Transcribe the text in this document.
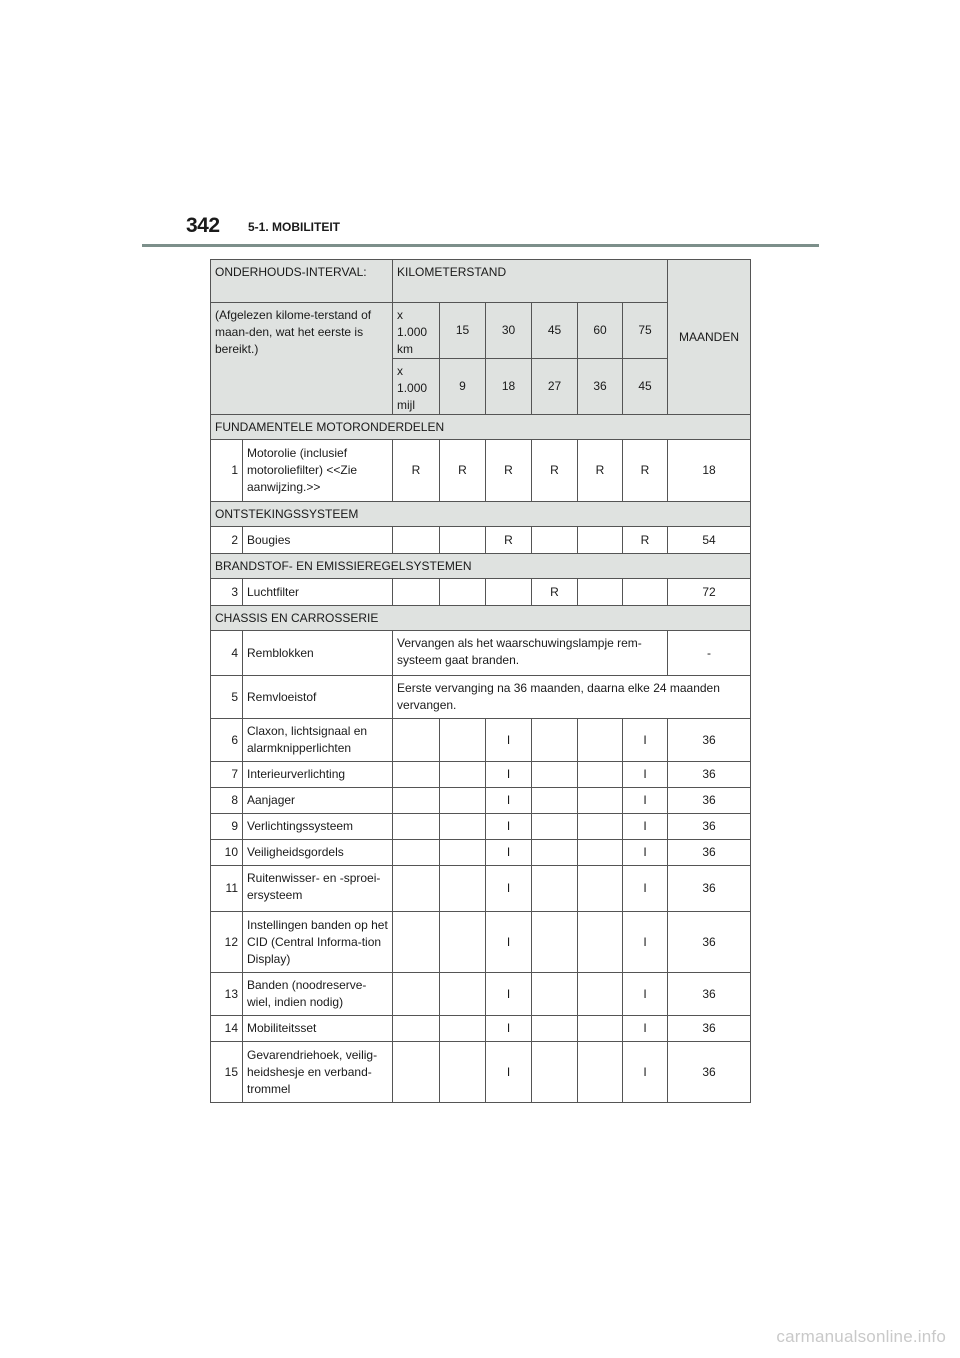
342 5-1. MOBILITEIT
ONDERHOUDS-INTERVAL:		KILOMETERSTAND						MAANDEN	
(Afgelezen kilome-terstand of maan-den, wat het eerste is bereikt.)		x 1.000 km	15	30	45	60	75	
		x 1.000 mijl	9	18	27	36	45	
FUNDAMENTELE MOTORONDERDELEN									
1	Motorolie (inclusief motoroliefilter) <<Zie aanwijzing.>>	R	R	R	R	R	R	18	
ONTSTEKINGSSYSTEEM									
2	Bougies			R			R	54	
BRANDSTOF- EN EMISSIEREGELSYSTEMEN									
3	Luchtfilter				R			72	
CHASSIS EN CARROSSERIE									
4	Remblokken	Vervangen als het waarschuwingslampje rem-systeem gaat branden.						-	
5	Remvloeistof	Eerste vervanging na 36 maanden, daarna elke 24 maanden vervangen.							
6	Claxon, lichtsignaal en alarmknipperlichten			I			I	36	
7	Interieurverlichting			I			I	36	
8	Aanjager			I			I	36	
9	Verlichtingssysteem			I			I	36	
10	Veiligheidsgordels			I			I	36	
11	Ruitenwisser- en -sproei-ersysteem			I			I	36	
12	Instellingen banden op het CID (Central Informa-tion Display)			I			I	36	
13	Banden (noodreserve-wiel, indien nodig)			I			I	36	
14	Mobiliteitsset			I			I	36	
15	Gevarendriehoek, veilig-heidshesje en verband-trommel			I			I	36	
carmanualsonline.info
